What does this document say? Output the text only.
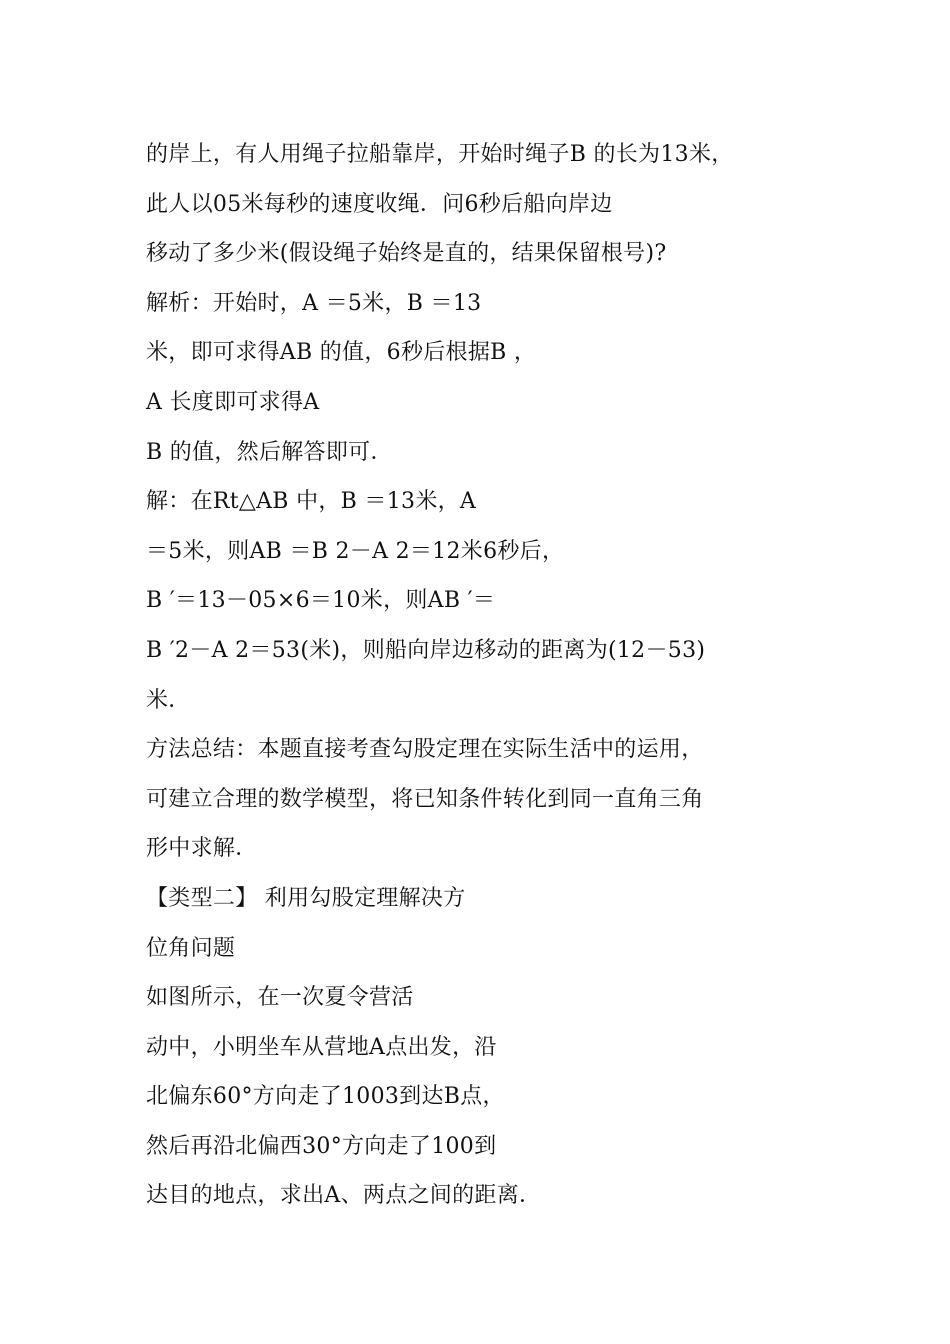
的岸上，有人用绳子拉船靠岸，开始时绳子B 的长为13米，

此人以05米每秒的速度收绳．问6秒后船向岸边

移动了多少米(假设绳子始终是直的，结果保留根号)?

解析：开始时，A ＝5米，B ＝13

米，即可求得AB 的值，6秒后根据B ，

A 长度即可求得A

B 的值，然后解答即可．

解：在Rt△AB 中，B ＝13米，A

＝5米，则AB ＝B 2－A 2＝12米6秒后，

B ′＝13－05×6＝10米，则AB ′＝

B ′2－A 2＝53(米)，则船向岸边移动的距离为(12－53)

米．

方法总结：本题直接考查勾股定理在实际生活中的运用，

可建立合理的数学模型，将已知条件转化到同一直角三角

形中求解．

【类型二】 利用勾股定理解决方

位角问题

如图所示，在一次夏令营活

动中，小明坐车从营地A点出发，沿

北偏东60°方向走了1003到达B点，

然后再沿北偏西30°方向走了100到

达目的地点，求出A、两点之间的距离．
